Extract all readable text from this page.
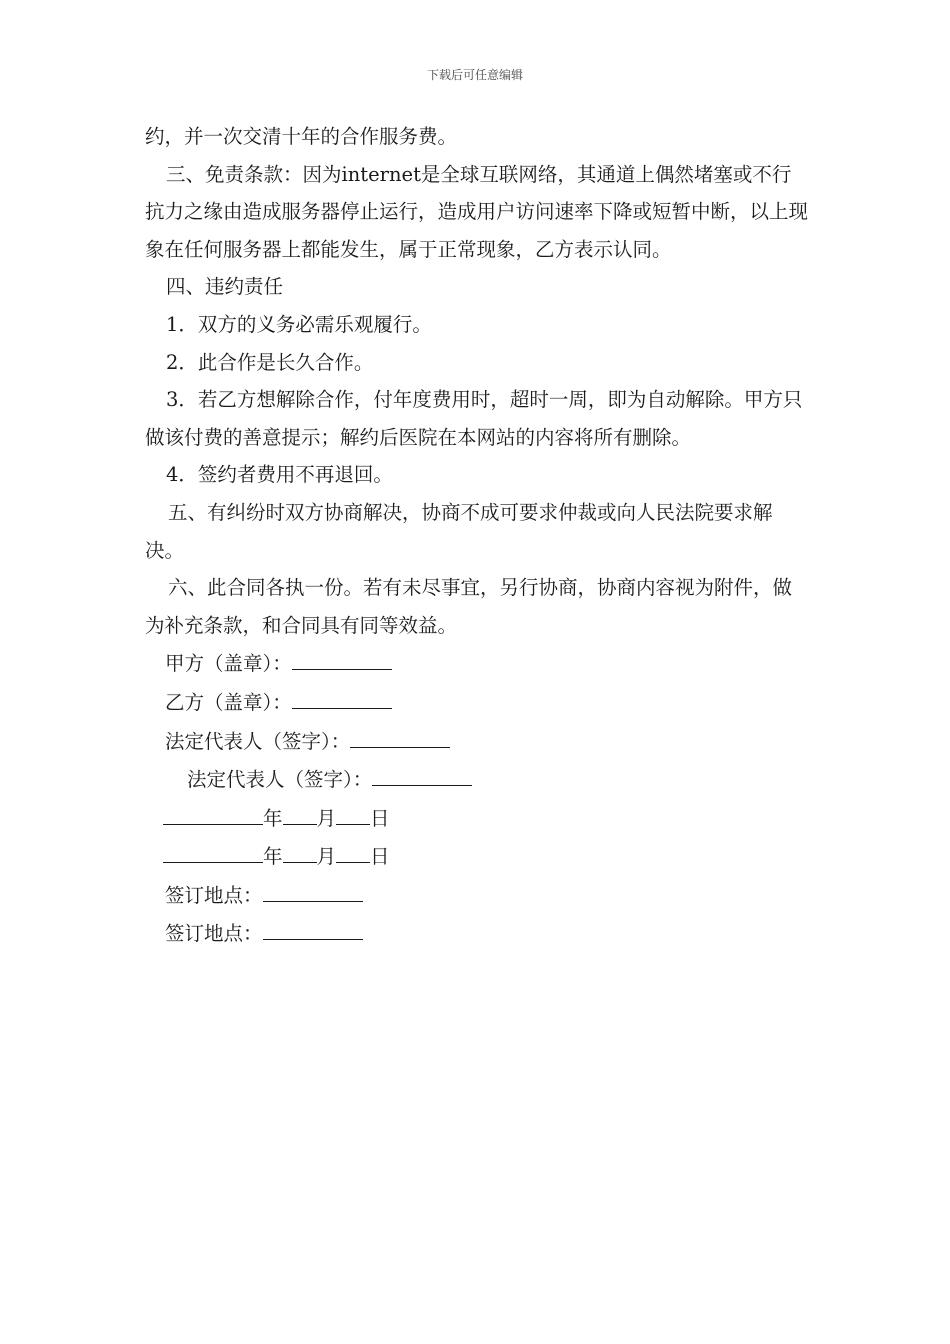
下载后可任意编辑

约，并一次交清十年的合作服务费。

三、免责条款：因为internet是全球互联网络，其通道上偶然堵塞或不行抗力之缘由造成服务器停止运行，造成用户访问速率下降或短暂中断，以上现象在任何服务器上都能发生，属于正常现象，乙方表示认同。

四、违约责任

1．双方的义务必需乐观履行。

2．此合作是长久合作。

3．若乙方想解除合作，付年度费用时，超时一周，即为自动解除。甲方只做该付费的善意提示；解约后医院在本网站的内容将所有删除。

4．签约者费用不再退回。

五、有纠纷时双方协商解决，协商不成可要求仲裁或向人民法院要求解决。

六、此合同各执一份。若有未尽事宜，另行协商，协商内容视为附件，做为补充条款，和合同具有同等效益。

甲方（盖章）：

乙方（盖章）：

法定代表人（签字）：

法定代表人（签字）：

年 月 日

年 月 日

签订地点：

签订地点：
